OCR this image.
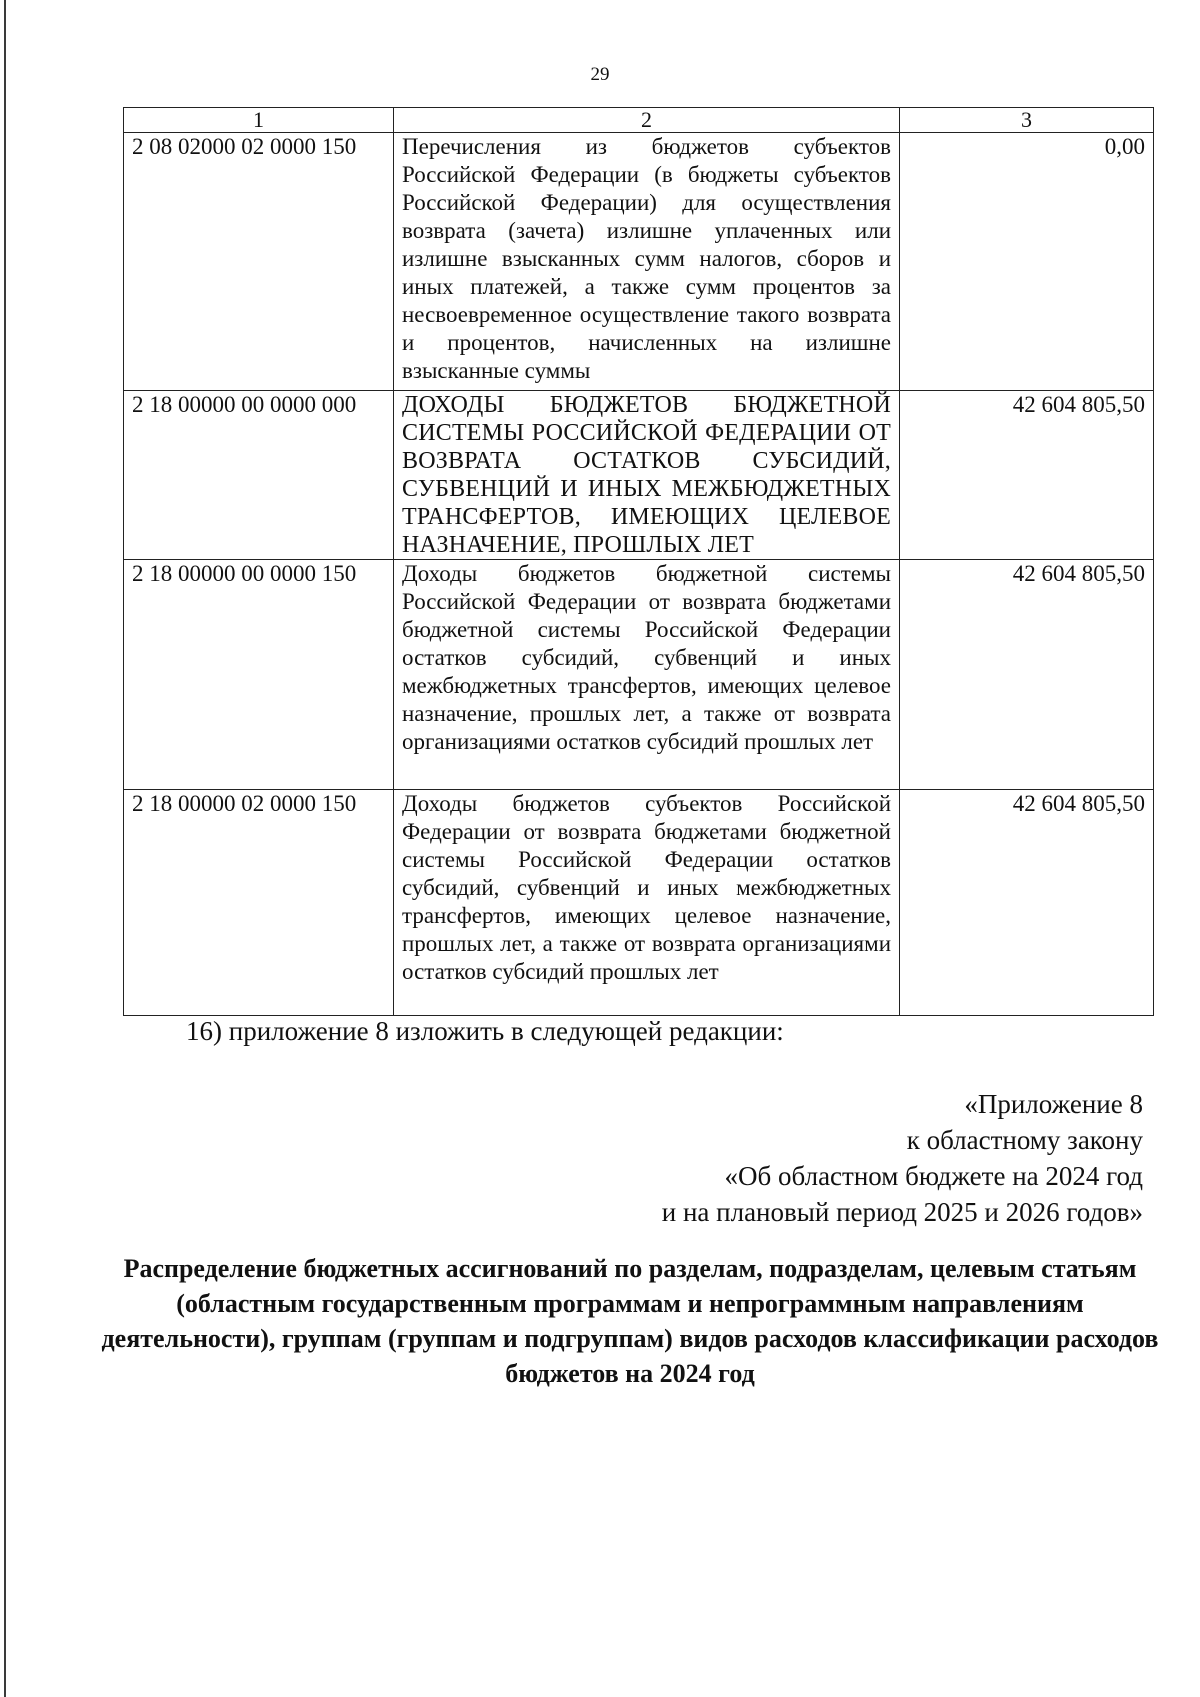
29
1	2	3
2 08 02000 02 0000 150	Перечисления из бюджетов субъектов Российской Федерации (в бюджеты субъектов Российской Федерации) для осуществления возврата (зачета) излишне уплаченных или излишне взысканных сумм налогов, сборов и иных платежей, а также сумм процентов за несвоевременное осуществление такого возврата и процентов, начисленных на излишне взысканные суммы	0,00
2 18 00000 00 0000 000	ДОХОДЫ БЮДЖЕТОВ БЮДЖЕТНОЙ СИСТЕМЫ РОССИЙСКОЙ ФЕДЕРАЦИИ ОТ ВОЗВРАТА ОСТАТКОВ СУБСИДИЙ, СУБВЕНЦИЙ И ИНЫХ МЕЖБЮДЖЕТНЫХ ТРАНСФЕРТОВ, ИМЕЮЩИХ ЦЕЛЕВОЕ НАЗНАЧЕНИЕ, ПРОШЛЫХ ЛЕТ	42 604 805,50
2 18 00000 00 0000 150	Доходы бюджетов бюджетной системы Российской Федерации от возврата бюджетами бюджетной системы Российской Федерации остатков субсидий, субвенций и иных межбюджетных трансфертов, имеющих целевое назначение, прошлых лет, а также от возврата организациями остатков субсидий прошлых лет	42 604 805,50
2 18 00000 02 0000 150	Доходы бюджетов субъектов Российской Федерации от возврата бюджетами бюджетной системы Российской Федерации остатков субсидий, субвенций и иных межбюджетных трансфертов, имеющих целевое назначение, прошлых лет, а также от возврата организациями остатков субсидий прошлых лет	42 604 805,50
16) приложение 8 изложить в следующей редакции:
«Приложение 8
к областному закону
«Об областном бюджете на 2024 год
и на плановый период 2025 и 2026 годов»
Распределение бюджетных ассигнований по разделам, подразделам, целевым статьям (областным государственным программам и непрограммным направлениям деятельности), группам (группам и подгруппам) видов расходов классификации расходов бюджетов на 2024 год
